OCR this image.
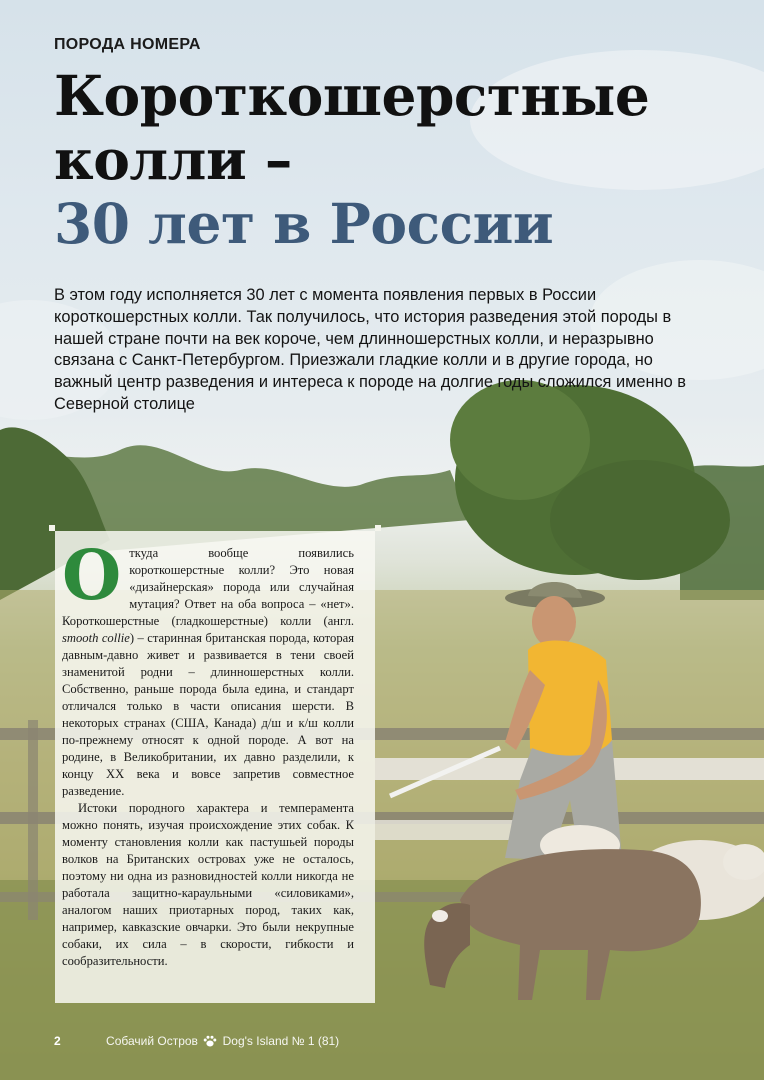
ПОРОДА НОМЕРА
Короткошерстные
колли –
30 лет в России
В этом году исполняется 30 лет с момента появления первых в России короткошерстных колли. Так получилось, что история разведения этой породы в нашей стране почти на век короче, чем длинношерстных колли, и неразрывно связана с Санкт-Петербургом. Приезжали гладкие колли и в другие города, но важный центр разведения и интереса к породе на долгие годы сложился именно в Северной столице

Откуда вообще появились короткошерстные колли? Это новая «дизайнерская» порода или случайная мутация? Ответ на оба вопроса – «нет». Короткошерстные (гладкошерстные) колли (англ. smooth collie) – старинная британская порода, которая давным-давно живет и развивается в тени своей знаменитой родни – длинношерстных колли. Собственно, раньше порода была едина, и стандарт отличался только в части описания шерсти. В некоторых странах (США, Канада) д/ш и к/ш колли по-прежнему относят к одной породе. А вот на родине, в Великобритании, их давно разделили, к концу XX века и вовсе запретив совместное разведение.

Истоки породного характера и темперамента можно понять, изучая происхождение этих собак. К моменту становления колли как пастушьей породы волков на Британских островах уже не осталось, поэтому ни одна из разновидностей колли никогда не работала защитно-караульными «силовиками», аналогом наших приотарных пород, таких как, например, кавказские овчарки. Это были некрупные собаки, их сила – в скорости, гибкости и сообразительности.

2	Собачий Остров Dog's Island № 1 (81)
